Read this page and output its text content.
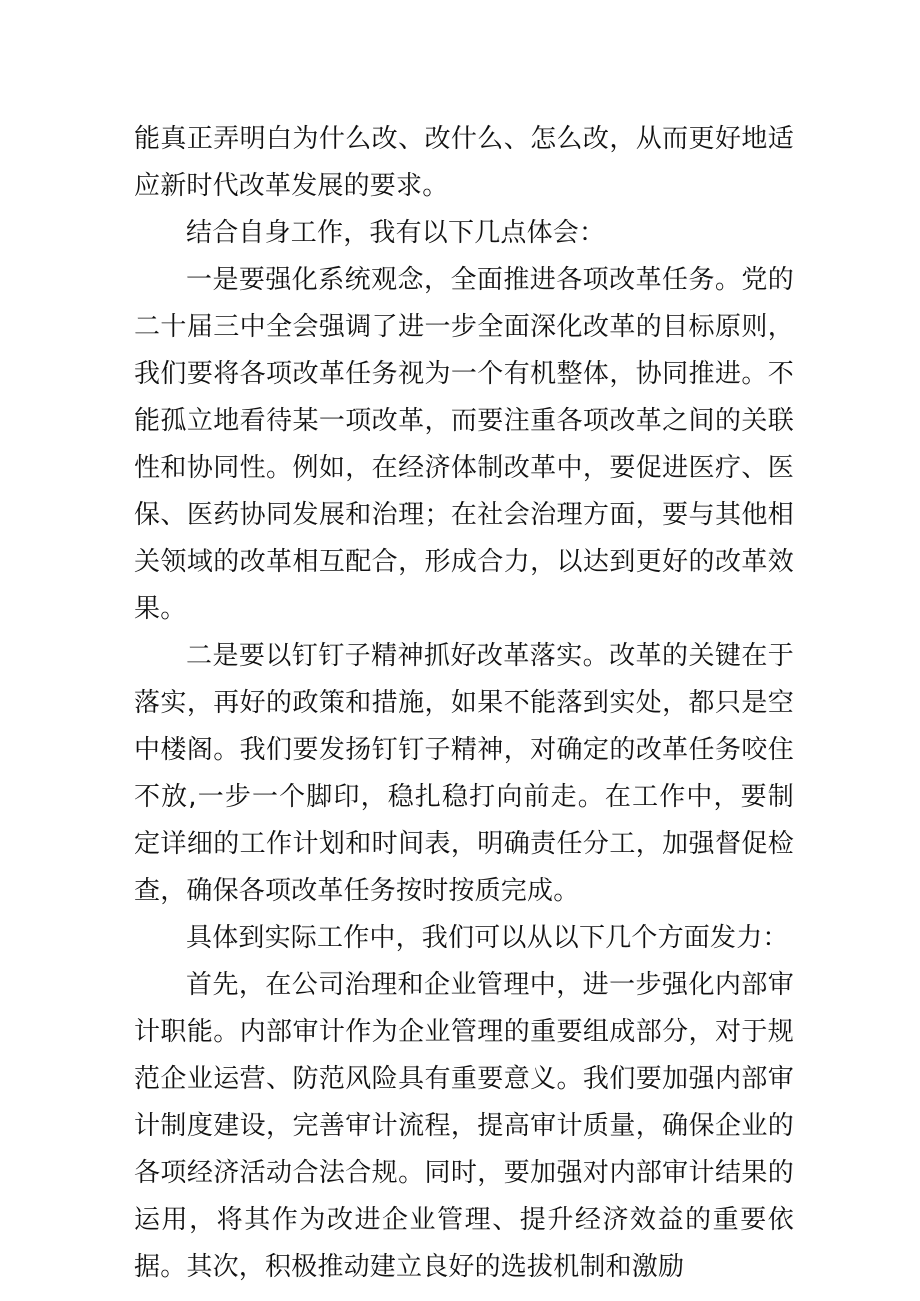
能真正弄明白为什么改、改什么、怎么改，从而更好地适应新时代改革发展的要求。

结合自身工作，我有以下几点体会：

一是要强化系统观念，全面推进各项改革任务。党的二十届三中全会强调了进一步全面深化改革的目标原则，我们要将各项改革任务视为一个有机整体，协同推进。不能孤立地看待某一项改革，而要注重各项改革之间的关联性和协同性。例如，在经济体制改革中，要促进医疗、医保、医药协同发展和治理；在社会治理方面，要与其他相关领域的改革相互配合，形成合力，以达到更好的改革效果。

二是要以钉钉子精神抓好改革落实。改革的关键在于落实，再好的政策和措施，如果不能落到实处，都只是空中楼阁。我们要发扬钉钉子精神，对确定的改革任务咬住不放,一步一个脚印，稳扎稳打向前走。在工作中，要制定详细的工作计划和时间表，明确责任分工，加强督促检查，确保各项改革任务按时按质完成。

具体到实际工作中，我们可以从以下几个方面发力：

首先，在公司治理和企业管理中，进一步强化内部审计职能。内部审计作为企业管理的重要组成部分，对于规范企业运营、防范风险具有重要意义。我们要加强内部审计制度建设，完善审计流程，提高审计质量，确保企业的各项经济活动合法合规。同时，要加强对内部审计结果的运用，将其作为改进企业管理、提升经济效益的重要依据。其次，积极推动建立良好的选拔机制和激励
